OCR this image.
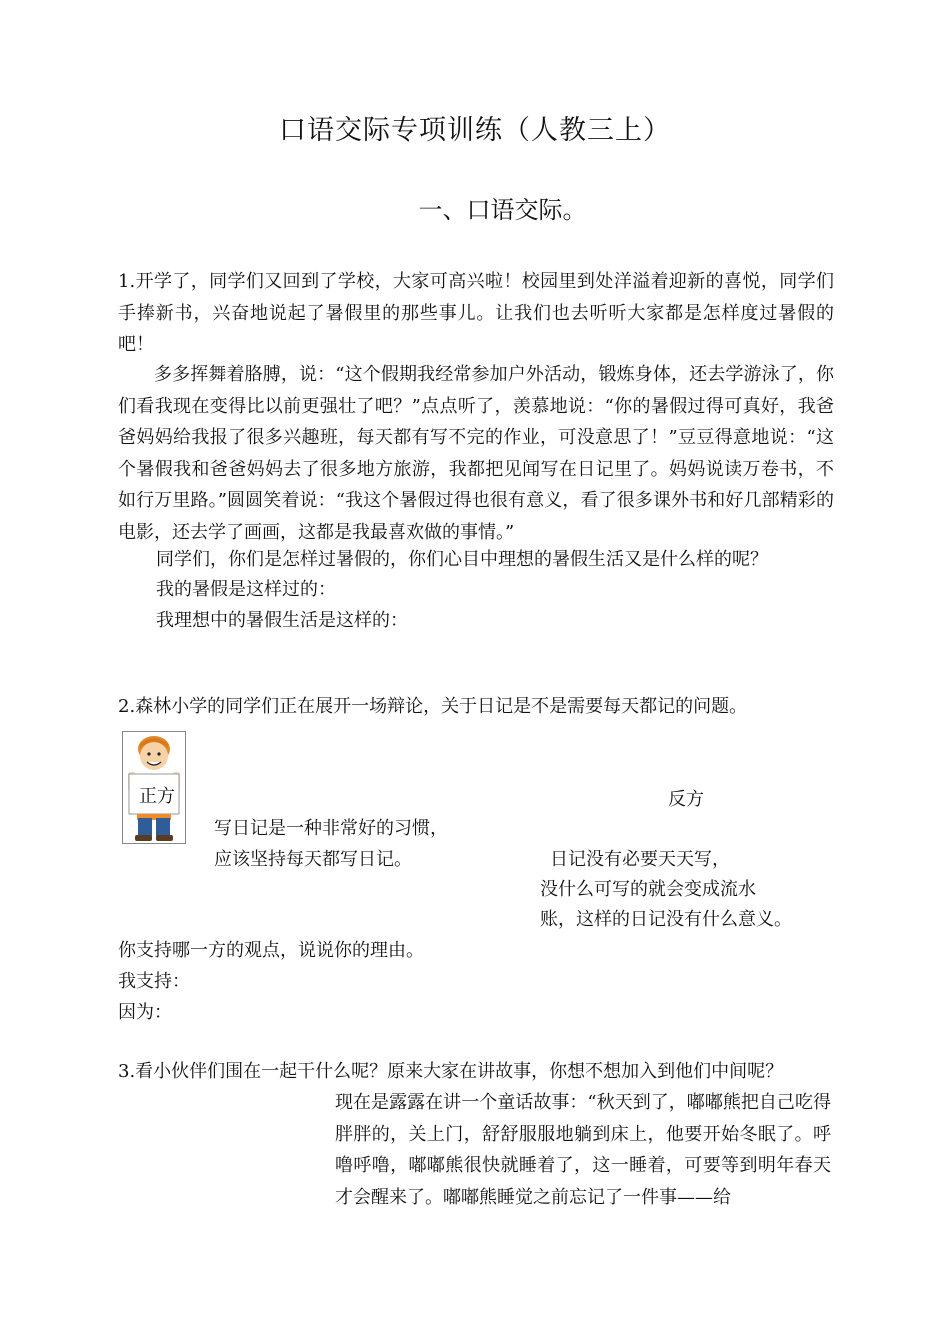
口语交际专项训练（人教三上）
一、口语交际。
1.开学了，同学们又回到了学校，大家可高兴啦！校园里到处洋溢着迎新的喜悦，同学们手捧新书，兴奋地说起了暑假里的那些事儿。让我们也去听听大家都是怎样度过暑假的吧！
多多挥舞着胳膊，说：“这个假期我经常参加户外活动，锻炼身体，还去学游泳了，你们看我现在变得比以前更强壮了吧？”点点听了，羡慕地说：“你的暑假过得可真好，我爸爸妈妈给我报了很多兴趣班，每天都有写不完的作业，可没意思了！”豆豆得意地说：“这个暑假我和爸爸妈妈去了很多地方旅游，我都把见闻写在日记里了。妈妈说读万卷书，不如行万里路。”圆圆笑着说：“我这个暑假过得也很有意义，看了很多课外书和好几部精彩的电影，还去学了画画，这都是我最喜欢做的事情。”
同学们，你们是怎样过暑假的，你们心目中理想的暑假生活又是什么样的呢？
我的暑假是这样过的：
我理想中的暑假生活是这样的：
2.森林小学的同学们正在展开一场辩论，关于日记是不是需要每天都记的问题。
正方	反方
写日记是一种非常好的习惯，
应该坚持每天都写日记。	日记没有必要天天写，
没什么可写的就会变成流水
账，这样的日记没有什么意义。
你支持哪一方的观点，说说你的理由。
我支持：
因为：
3.看小伙伴们围在一起干什么呢？原来大家在讲故事，你想不想加入到他们中间呢？
现在是露露在讲一个童话故事：“秋天到了，嘟嘟熊把自己吃得胖胖的，关上门，舒舒服服地躺到床上，他要开始冬眠了。呼噜呼噜，嘟嘟熊很快就睡着了，这一睡着，可要等到明年春天才会醒来了。嘟嘟熊睡觉之前忘记了一件事——给
